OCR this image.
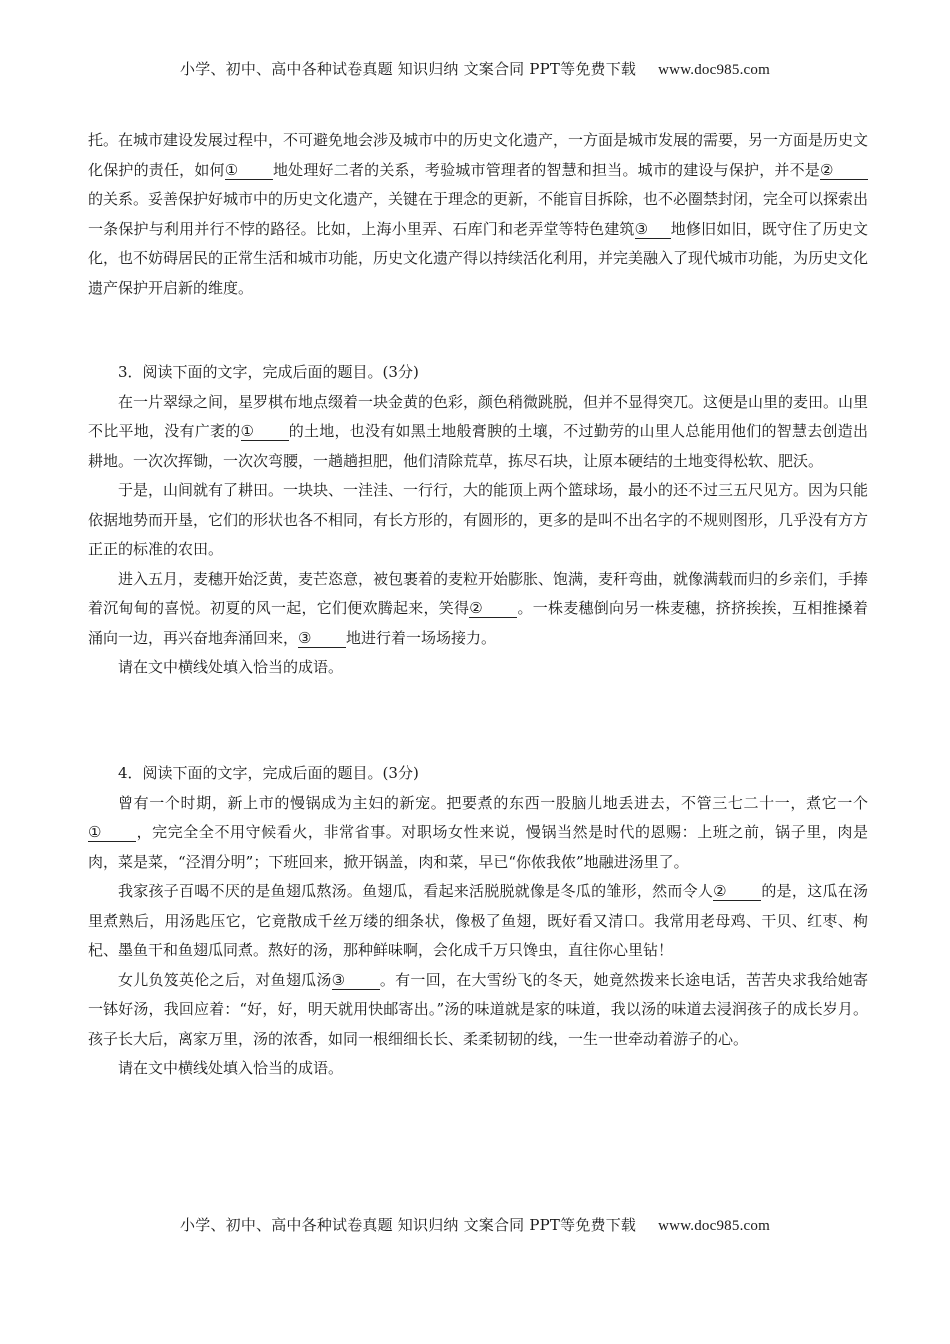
小学、初中、高中各种试卷真题 知识归纳 文案合同 PPT等免费下载 www.doc985.com

托。在城市建设发展过程中，不可避免地会涉及城市中的历史文化遗产，一方面是城市发展的需要，另一方面是历史文化保护的责任，如何① 地处理好二者的关系，考验城市管理者的智慧和担当。城市的建设与保护，并不是②的关系。妥善保护好城市中的历史文化遗产，关键在于理念的更新，不能盲目拆除，也不必圈禁封闭，完全可以探索出一条保护与利用并行不悖的路径。比如，上海小里弄、石库门和老弄堂等特色建筑③ 地修旧如旧，既守住了历史文化，也不妨碍居民的正常生活和城市功能，历史文化遗产得以持续活化利用，并完美融入了现代城市功能，为历史文化遗产保护开启新的维度。

3．阅读下面的文字，完成后面的题目。(3分)

在一片翠绿之间，星罗棋布地点缀着一块金黄的色彩，颜色稍微跳脱，但并不显得突兀。这便是山里的麦田。山里不比平地，没有广袤的① 的土地，也没有如黑土地般膏腴的土壤，不过勤劳的山里人总能用他们的智慧去创造出耕地。一次次挥锄，一次次弯腰，一趟趟担肥，他们清除荒草，拣尽石块，让原本硬结的土地变得松软、肥沃。

于是，山间就有了耕田。一块块、一洼洼、一行行，大的能顶上两个篮球场，最小的还不过三五尺见方。因为只能依据地势而开垦，它们的形状也各不相同，有长方形的，有圆形的，更多的是叫不出名字的不规则图形，几乎没有方方正正的标准的农田。

进入五月，麦穗开始泛黄，麦芒恣意，被包裹着的麦粒开始膨胀、饱满，麦秆弯曲，就像满载而归的乡亲们，手捧着沉甸甸的喜悦。初夏的风一起，它们便欢腾起来，笑得② 。一株麦穗倒向另一株麦穗，挤挤挨挨，互相推搡着涌向一边，再兴奋地奔涌回来，③ 地进行着一场场接力。

请在文中横线处填入恰当的成语。

4．阅读下面的文字，完成后面的题目。(3分)

曾有一个时期，新上市的慢锅成为主妇的新宠。把要煮的东西一股脑儿地丢进去，不管三七二十一，煮它一个① ，完完全全不用守候看火，非常省事。对职场女性来说，慢锅当然是时代的恩赐：上班之前，锅子里，肉是肉，菜是菜，“泾渭分明”；下班回来，掀开锅盖，肉和菜，早已“你侬我侬”地融进汤里了。

我家孩子百喝不厌的是鱼翅瓜熬汤。鱼翅瓜，看起来活脱脱就像是冬瓜的雏形，然而令人② 的是，这瓜在汤里煮熟后，用汤匙压它，它竟散成千丝万缕的细条状，像极了鱼翅，既好看又清口。我常用老母鸡、干贝、红枣、枸杞、墨鱼干和鱼翅瓜同煮。熬好的汤，那种鲜味啊，会化成千万只馋虫，直往你心里钻！

女儿负笈英伦之后，对鱼翅瓜汤③ 。有一回，在大雪纷飞的冬天，她竟然拨来长途电话，苦苦央求我给她寄一钵好汤，我回应着：“好，好，明天就用快邮寄出。”汤的味道就是家的味道，我以汤的味道去浸润孩子的成长岁月。孩子长大后，离家万里，汤的浓香，如同一根细细长长、柔柔韧韧的线，一生一世牵动着游子的心。

请在文中横线处填入恰当的成语。

小学、初中、高中各种试卷真题 知识归纳 文案合同 PPT等免费下载 www.doc985.com
